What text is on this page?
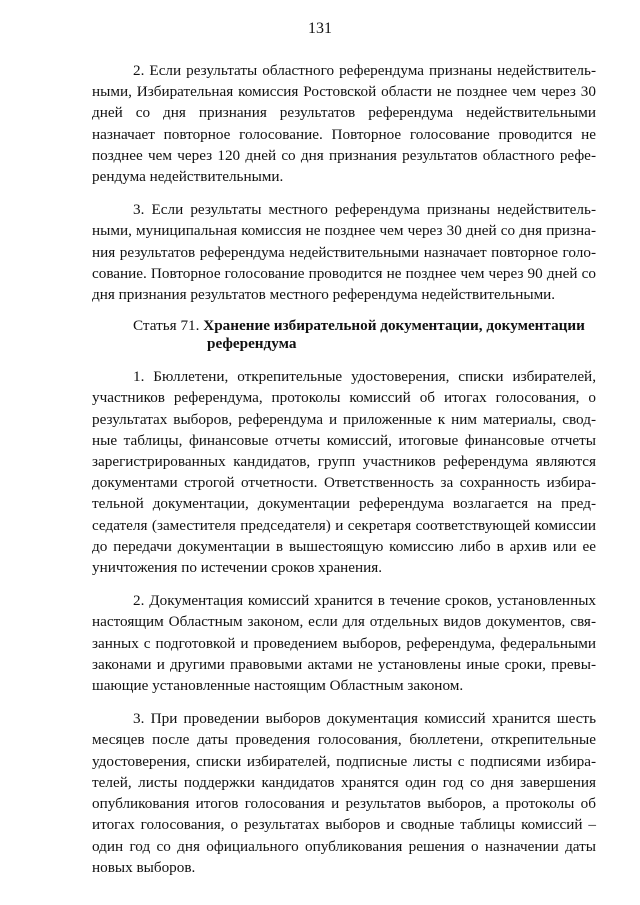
131

2. Если результаты областного референдума признаны недействительными, Избирательная комиссия Ростовской области не позднее чем через 30 дней со дня признания результатов референдума недействительными назначает повторное голосование. Повторное голосование проводится не позднее чем через 120 дней со дня признания результатов областного референдума недействительными.

3. Если результаты местного референдума признаны недействительными, муниципальная комиссия не позднее чем через 30 дней со дня признания результатов референдума недействительными назначает повторное голосование. Повторное голосование проводится не позднее чем через 90 дней со дня признания результатов местного референдума недействительными.

Статья 71. Хранение избирательной документации, документации
референдума

1. Бюллетени, открепительные удостоверения, списки избирателей, участников референдума, протоколы комиссий об итогах голосования, о результатах выборов, референдума и приложенные к ним материалы, сводные таблицы, финансовые отчеты комиссий, итоговые финансовые отчеты зарегистрированных кандидатов, групп участников референдума являются документами строгой отчетности. Ответственность за сохранность избирательной документации, документации референдума возлагается на председателя (заместителя председателя) и секретаря соответствующей комиссии до передачи документации в вышестоящую комиссию либо в архив или ее уничтожения по истечении сроков хранения.

2. Документация комиссий хранится в течение сроков, установленных настоящим Областным законом, если для отдельных видов документов, связанных с подготовкой и проведением выборов, референдума, федеральными законами и другими правовыми актами не установлены иные сроки, превышающие установленные настоящим Областным законом.

3. При проведении выборов документация комиссий хранится шесть месяцев после даты проведения голосования, бюллетени, открепительные удостоверения, списки избирателей, подписные листы с подписями избирателей, листы поддержки кандидатов хранятся один год со дня завершения опубликования итогов голосования и результатов выборов, а протоколы об итогах голосования, о результатах выборов и сводные таблицы комиссий – один год со дня официального опубликования решения о назначении даты новых выборов.
